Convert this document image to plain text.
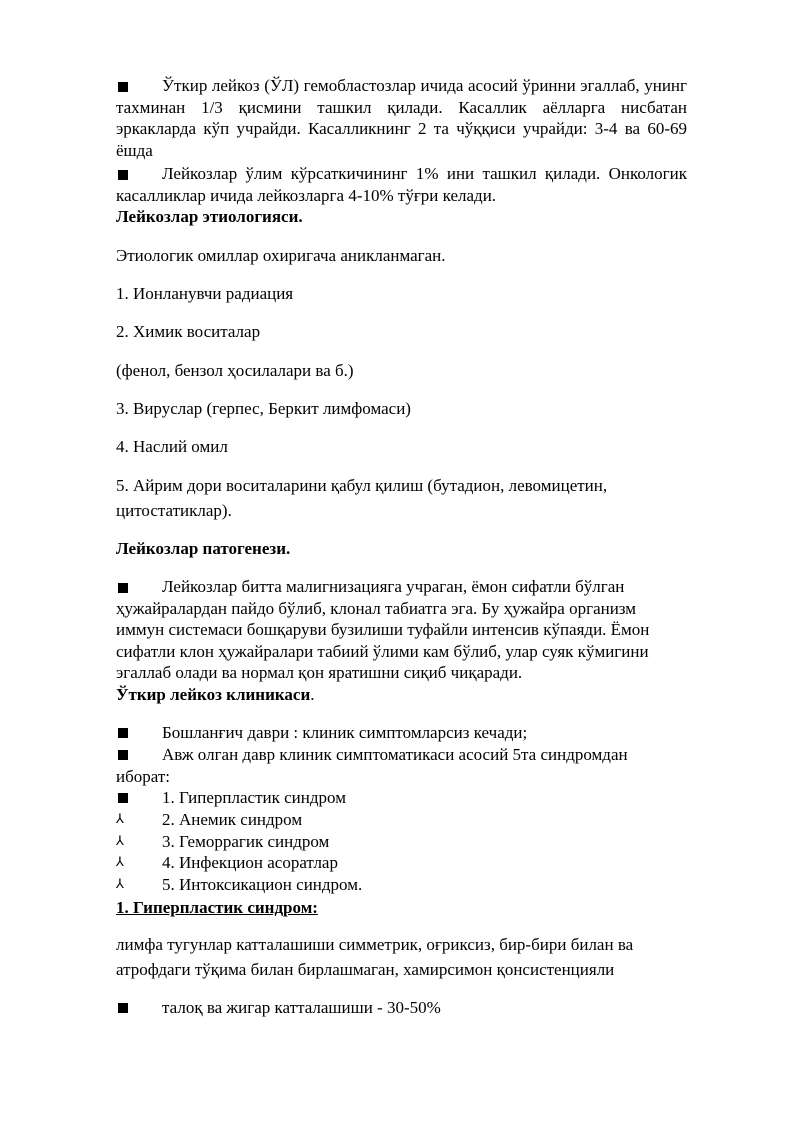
Ўткир лейкоз (ЎЛ) гемобластозлар ичида асосий ўринни эгаллаб, унинг тахминан 1/3 қисмини ташкил қилади. Касаллик аёлларга нисбатан эркакларда кўп учрайди. Касалликнинг 2 та чўққиси учрайди: 3-4 ва 60-69 ёшда

Лейкозлар ўлим кўрсаткичининг 1% ини ташкил қилади. Онкологик касалликлар ичида лейкозларга 4-10% тўғри келади.

Лейкозлар этиологияси.
Этиологик омиллар охиригача аникланмаган.
1. Ионланувчи радиация
2. Химик воситалар
(фенол, бензол ҳосилалари ва б.)
3. Вируслар (герпес, Беркит лимфомаси)
4. Наслий омил
5. Айрим дори воситаларини қабул қилиш (бутадион, левомицетин,
цитостатиклар).
Лейкозлар патогенези.

Лейкозлар битта малигнизацияга учраган, ёмон сифатли бўлган ҳужайралардан пайдо бўлиб, клонал табиатга эга. Бу ҳужайра организм иммун системаси бошқаруви бузилиши туфайли интенсив кўпаяди. Ёмон сифатли клон ҳужайралари табиий ўлими кам бўлиб, улар суяк кўмигини эгаллаб олади ва нормал қон яратишни сиқиб чиқаради.

Ўткир лейкоз клиникаси.
Бошланғич даври : клиник симптомларсиз кечади;
Авж олган давр клиник симптоматикаси асосий 5та синдромдан
иборат:
1. Гиперпластик синдром
⅄	2. Анемик синдром
⅄	3. Геморрагик синдром
⅄	4. Инфекцион асоратлар
⅄	5. Интоксикацион синдром.
1. Гиперпластик синдром:
лимфа тугунлар катталашиши симметрик, оғриксиз, бир-бири билан ва
атрофдаги тўқима билан бирлашмаган, хамирсимон қонсистенцияли
талоқ ва жигар катталашиши - 30-50%
